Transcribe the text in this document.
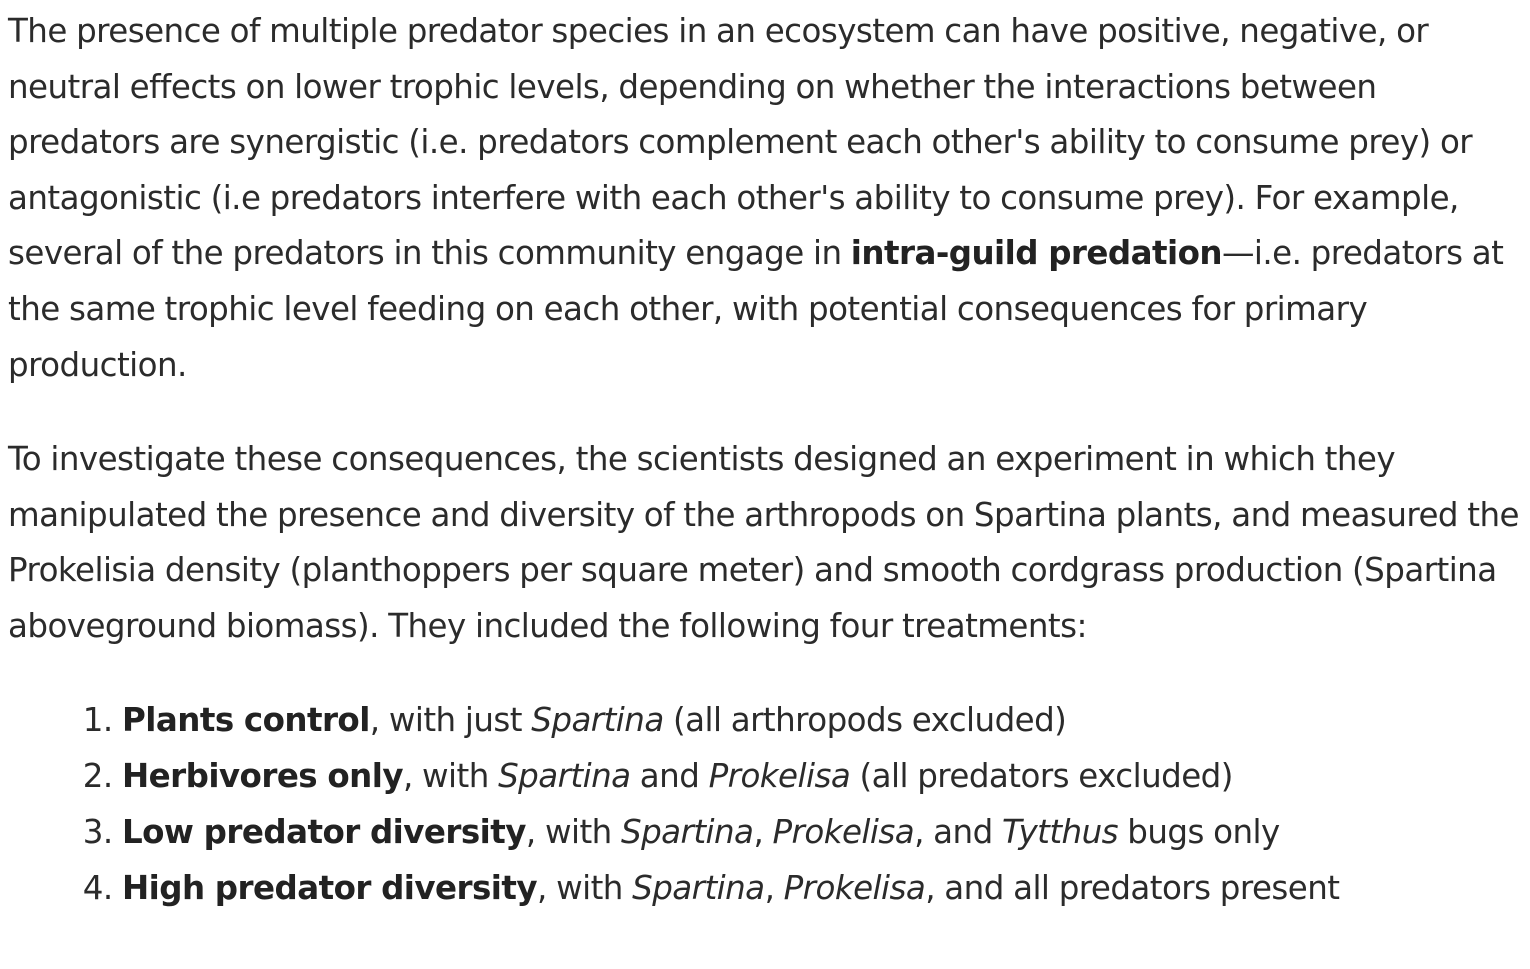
The presence of multiple predator species in an ecosystem can have positive, negative, or neutral effects on lower trophic levels, depending on whether the interactions between predators are synergistic (i.e. predators complement each other's ability to consume prey) or antagonistic (i.e predators interfere with each other's ability to consume prey). For example, several of the predators in this community engage in intra-guild predation—i.e. predators at the same trophic level feeding on each other, with potential consequences for primary production.

To investigate these consequences, the scientists designed an experiment in which they manipulated the presence and diversity of the arthropods on Spartina plants, and measured the Prokelisia density (planthoppers per square meter) and smooth cordgrass production (Spartina aboveground biomass). They included the following four treatments:

1. Plants control, with just Spartina (all arthropods excluded)
2. Herbivores only, with Spartina and Prokelisa (all predators excluded)
3. Low predator diversity, with Spartina, Prokelisa, and Tytthus bugs only
4. High predator diversity, with Spartina, Prokelisa, and all predators present
